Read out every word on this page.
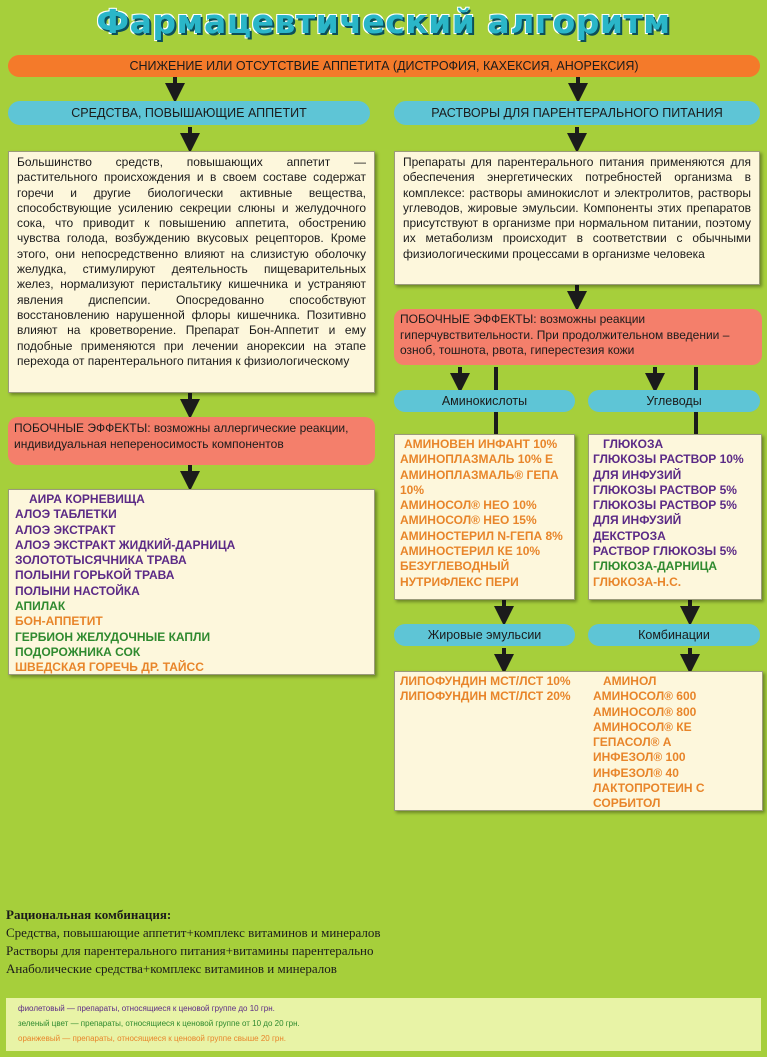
Фармацевтический алгоритм
СНИЖЕНИЕ ИЛИ ОТСУТСТВИЕ АППЕТИТА (ДИСТРОФИЯ, КАХЕКСИЯ, АНОРЕКСИЯ)
СРЕДСТВА, ПОВЫШАЮЩИЕ АППЕТИТ
Большинство средств, повышающих аппетит — растительного происхождения и в своем составе содержат горечи и другие биологически активные вещества, способствующие усилению секреции слюны и желудочного сока, что приводит к повышению аппетита, обострению чувства голода, возбуждению вкусовых рецепторов. Кроме этого, они непосредственно влияют на слизистую оболочку желудка, стимулируют деятельность пищеварительных желез, нормализуют перистальтику кишечника и устраняют явления диспепсии. Опосредованно способствуют восстановлению нарушенной флоры кишечника. Позитивно влияют на кроветворение. Препарат Бон-Аппетит и ему подобные применяются при лечении анорексии на этапе перехода от парентерального питания к физиологическому
ПОБОЧНЫЕ ЭФФЕКТЫ: возможны аллергические реакции, индивидуальная непереносимость компонентов
АИРА КОРНЕВИЩА
АЛОЭ ТАБЛЕТКИ
АЛОЭ ЭКСТРАКТ
АЛОЭ ЭКСТРАКТ ЖИДКИЙ-ДАРНИЦА
ЗОЛОТОТЫСЯЧНИКА ТРАВА
ПОЛЫНИ ГОРЬКОЙ ТРАВА
ПОЛЫНИ НАСТОЙКА
АПИЛАК
БОН-АППЕТИТ
ГЕРБИОН ЖЕЛУДОЧНЫЕ КАПЛИ
ПОДОРОЖНИКА СОК
ШВЕДСКАЯ ГОРЕЧЬ ДР. ТАЙСС
РАСТВОРЫ ДЛЯ ПАРЕНТЕРАЛЬНОГО ПИТАНИЯ
Препараты для парентерального питания применяются для обеспечения энергетических потребностей организма в комплексе: растворы аминокислот и электролитов, растворы углеводов, жировые эмульсии. Компоненты этих препаратов присутствуют в организме при нормальном питании, поэтому их метаболизм происходит в соответствии с обычными физиологическими процессами в организме человека
ПОБОЧНЫЕ ЭФФЕКТЫ: возможны реакции гиперчувствительности. При продолжительном введении – озноб, тошнота, рвота, гиперестезия кожи
Аминокислоты	Углеводы
АМИНОВЕН ИНФАНТ 10%
АМИНОПЛАЗМАЛЬ 10% Е
АМИНОПЛАЗМАЛЬ® ГЕПА 10%
АМИНОСОЛ® НЕО 10%
АМИНОСОЛ® НЕО 15%
АМИНОСТЕРИЛ N-ГЕПА 8%
АМИНОСТЕРИЛ КЕ 10%
БЕЗУГЛЕВОДНЫЙ НУТРИФЛЕКС ПЕРИ
ГЛЮКОЗА
ГЛЮКОЗЫ РАСТВОР 10% ДЛЯ ИНФУЗИЙ
ГЛЮКОЗЫ РАСТВОР 5%
ГЛЮКОЗЫ РАСТВОР 5% ДЛЯ ИНФУЗИЙ
ДЕКСТРОЗА
РАСТВОР ГЛЮКОЗЫ 5%
ГЛЮКОЗА-ДАРНИЦА
ГЛЮКОЗА-Н.С.
Жировые эмульсии	Комбинации
ЛИПОФУНДИН МСТ/ЛСТ 10%
ЛИПОФУНДИН МСТ/ЛСТ 20%
АМИНОЛ
АМИНОСОЛ® 600
АМИНОСОЛ® 800
АМИНОСОЛ® КЕ
ГЕПАСОЛ® А
ИНФЕЗОЛ® 100
ИНФЕЗОЛ® 40
ЛАКТОПРОТЕИН С СОРБИТОЛ
Рациональная комбинация:
Средства, повышающие аппетит+комплекс витаминов и минералов
Растворы для парентерального питания+витамины парентерально
Анаболические средства+комплекс витаминов и минералов
фиолетовый — препараты, относящиеся к ценовой группе до 10 грн.
зеленый цвет — препараты, относящиеся к ценовой группе от 10 до 20 грн.
оранжевый — препараты, относящиеся к ценовой группе свыше 20 грн.
